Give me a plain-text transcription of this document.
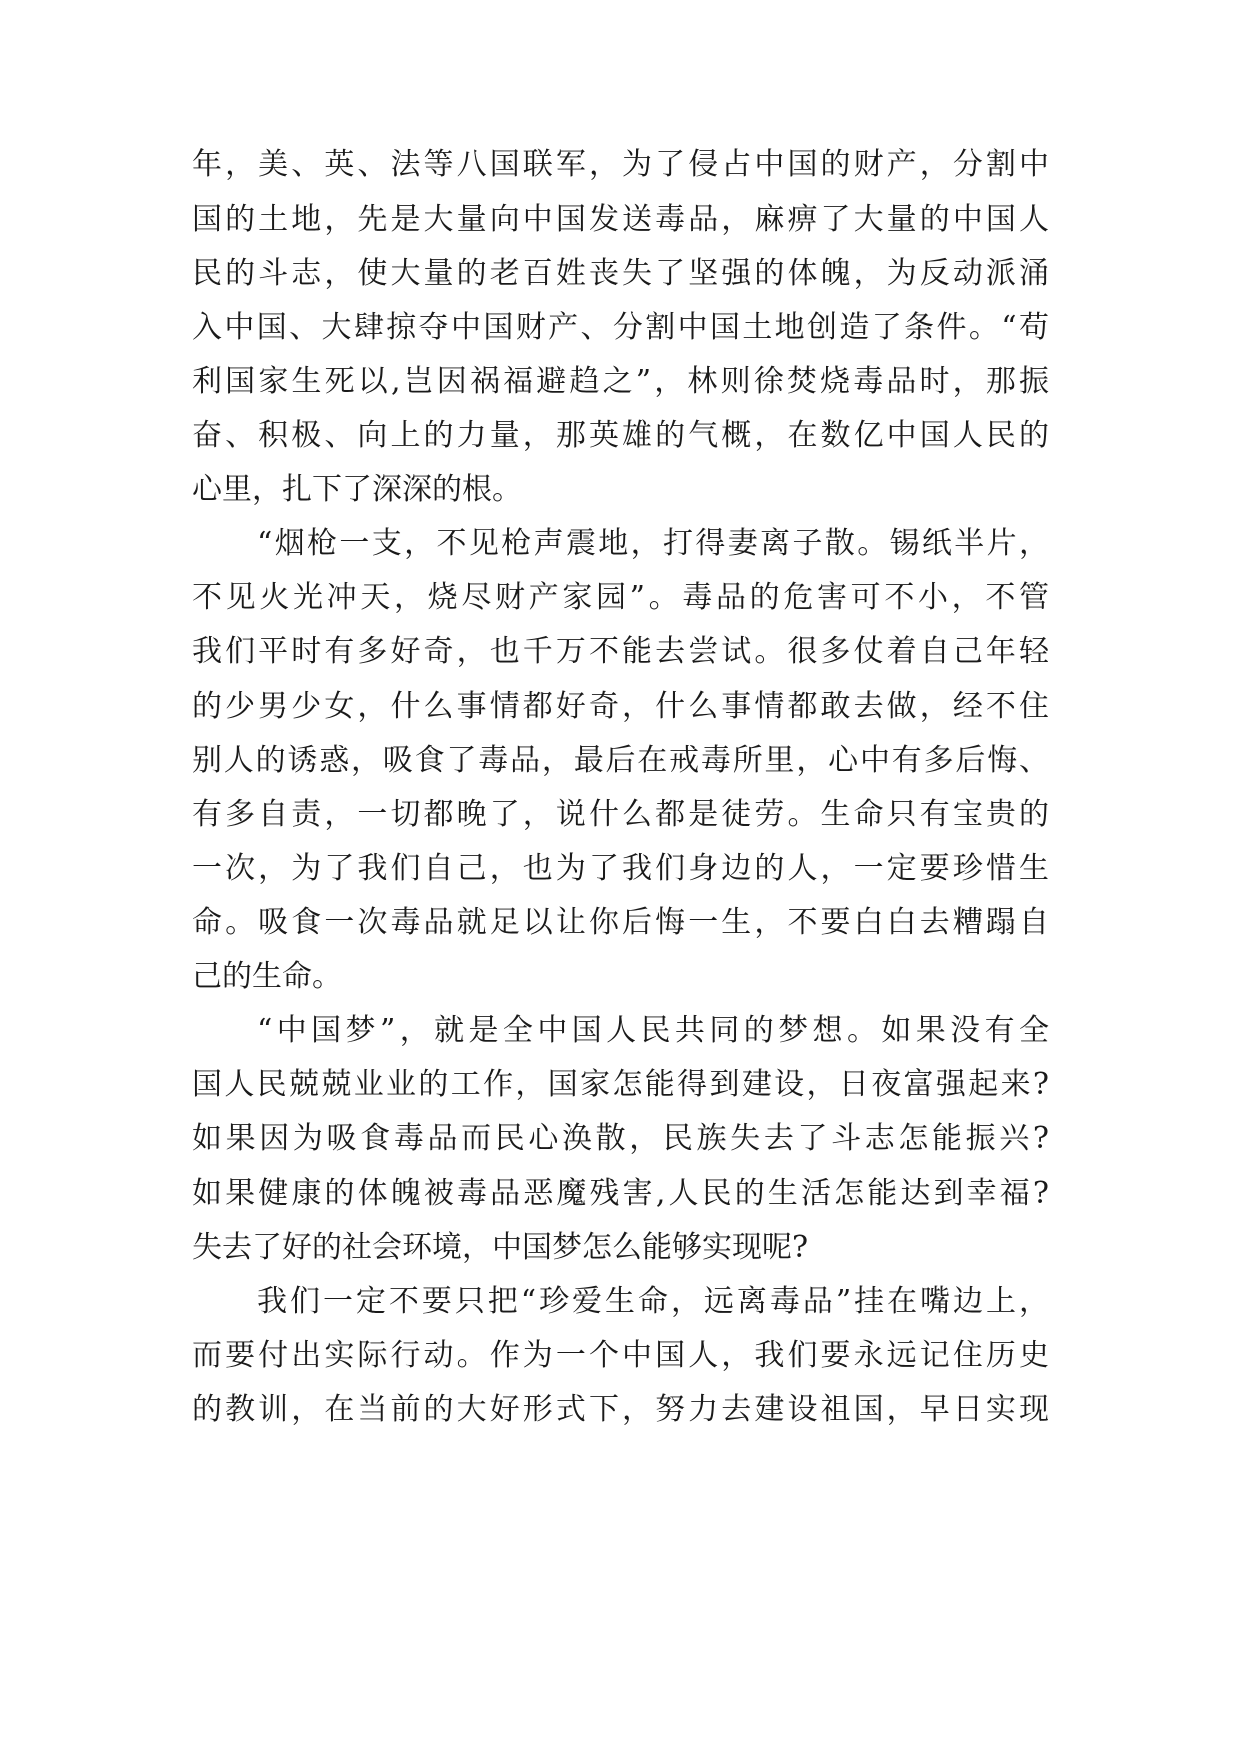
年，美、英、法等八国联军，为了侵占中国的财产，分割中
国的土地，先是大量向中国发送毒品，麻痹了大量的中国人
民的斗志，使大量的老百姓丧失了坚强的体魄，为反动派涌
入中国、大肆掠夺中国财产、分割中国土地创造了条件。“苟
利国家生死以,岂因祸福避趋之”，林则徐焚烧毒品时，那振
奋、积极、向上的力量，那英雄的气概，在数亿中国人民的
心里，扎下了深深的根。
“烟枪一支，不见枪声震地，打得妻离子散。锡纸半片，
不见火光冲天，烧尽财产家园”。毒品的危害可不小，不管
我们平时有多好奇，也千万不能去尝试。很多仗着自己年轻
的少男少女，什么事情都好奇，什么事情都敢去做，经不住
别人的诱惑，吸食了毒品，最后在戒毒所里，心中有多后悔、
有多自责，一切都晚了，说什么都是徒劳。生命只有宝贵的
一次，为了我们自己，也为了我们身边的人，一定要珍惜生
命。吸食一次毒品就足以让你后悔一生，不要白白去糟蹋自
己的生命。
“中国梦”，就是全中国人民共同的梦想。如果没有全
国人民兢兢业业的工作，国家怎能得到建设，日夜富强起来?
如果因为吸食毒品而民心涣散，民族失去了斗志怎能振兴?
如果健康的体魄被毒品恶魔残害,人民的生活怎能达到幸福?
失去了好的社会环境，中国梦怎么能够实现呢?
我们一定不要只把“珍爱生命，远离毒品”挂在嘴边上，
而要付出实际行动。作为一个中国人，我们要永远记住历史
的教训，在当前的大好形式下，努力去建设祖国，早日实现
